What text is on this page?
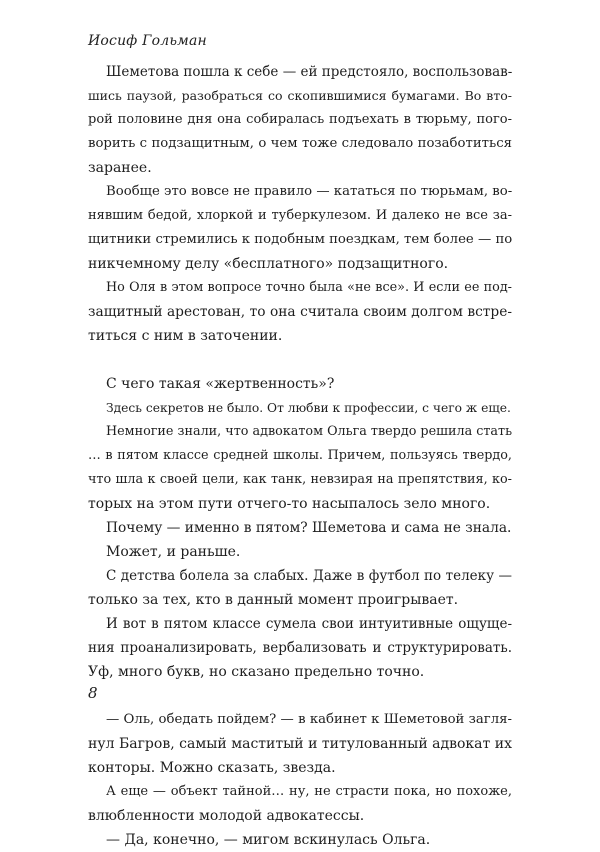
Иосиф Гольман
Шеметова пошла к себе — ей предстояло, воспользовав-
шись паузой, разобраться со скопившимися бумагами. Во вто-
рой половине дня она собиралась подъехать в тюрьму, пого-
ворить с подзащитным, о чем тоже следовало позаботиться
заранее.
Вообще это вовсе не правило — кататься по тюрьмам, во-
нявшим бедой, хлоркой и туберкулезом. И далеко не все за-
щитники стремились к подобным поездкам, тем более — по
никчемному делу «бесплатного» подзащитного.
Но Оля в этом вопросе точно была «не все». И если ее под-
защитный арестован, то она считала своим долгом встре-
титься с ним в заточении.
С чего такая «жертвенность»?
Здесь секретов не было. От любви к профессии, с чего ж еще.
Немногие знали, что адвокатом Ольга твердо решила стать
… в пятом классе средней школы. Причем, пользуясь твердо,
что шла к своей цели, как танк, невзирая на препятствия, ко-
торых на этом пути отчего-то насыпалось зело много.
Почему — именно в пятом? Шеметова и сама не знала.
Может, и раньше.
С детства болела за слабых. Даже в футбол по телеку —
только за тех, кто в данный момент проигрывает.
И вот в пятом классе сумела свои интуитивные ощуще-
ния проанализировать, вербализовать и структурировать.
Уф, много букв, но сказано предельно точно.
— Оль, обедать пойдем? — в кабинет к Шеметовой загля-
нул Багров, самый маститый и титулованный адвокат их
конторы. Можно сказать, звезда.
А еще — объект тайной… ну, не страсти пока, но похоже,
влюбленности молодой адвокатессы.
— Да, конечно, — мигом вскинулась Ольга.
8
